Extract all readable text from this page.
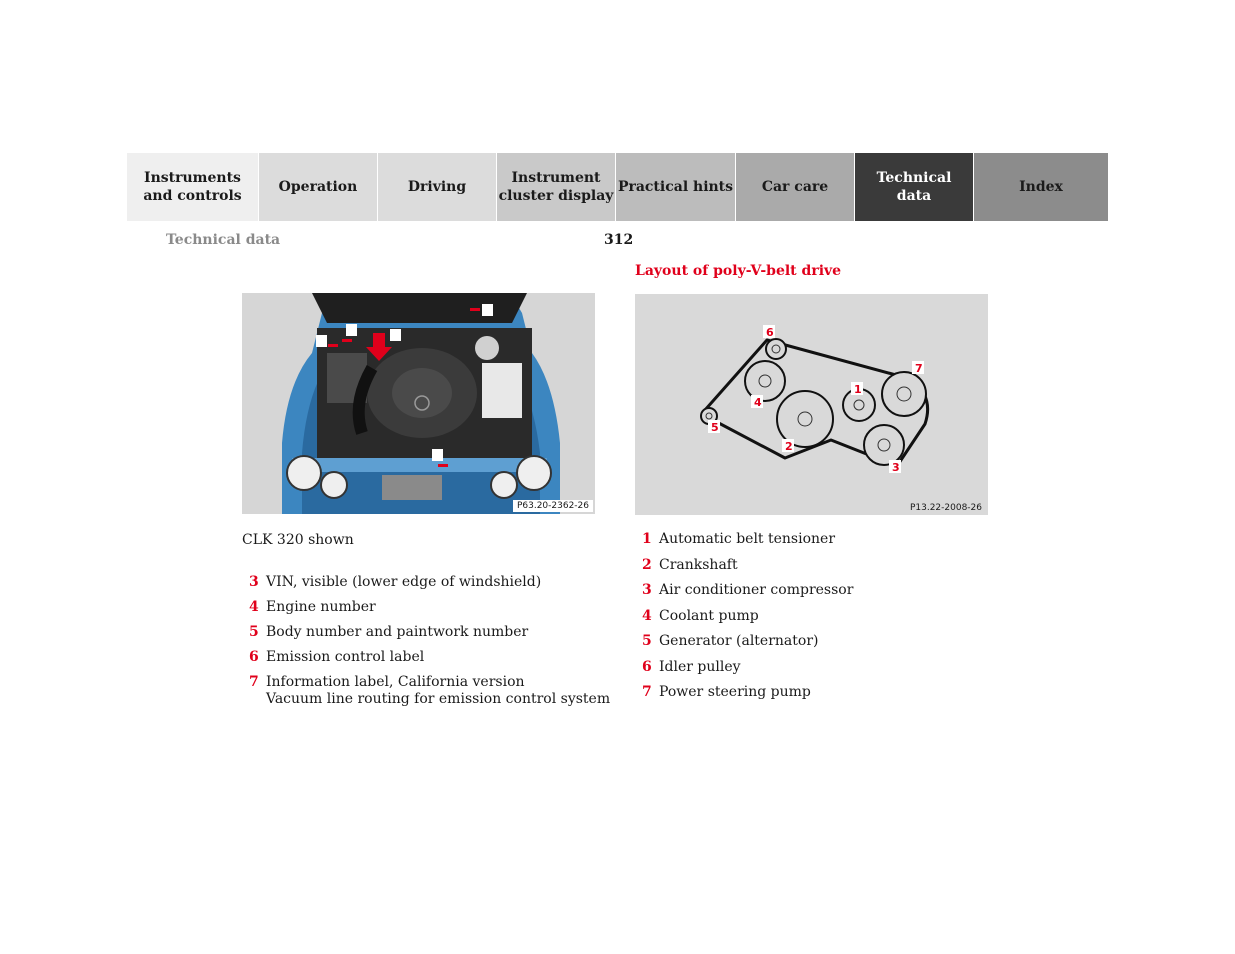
Instruments
and controls
Operation	Driving
Instrument
cluster display
Practical hints	Car care
Technical
data
Index
Technical data	312
Layout of poly-V-belt drive
P63.20-2362-26
1
2
3
4
5
6
7
P13.22-2008-26
CLK 320 shown
3 VIN, visible (lower edge of windshield)
4 Engine number
5 Body number and paintwork number
6 Emission control label
7 Information label, California version
Vacuum line routing for emission control system
1 Automatic belt tensioner
2 Crankshaft
3 Air conditioner compressor
4 Coolant pump
5 Generator (alternator)
6 Idler pulley
7 Power steering pump
